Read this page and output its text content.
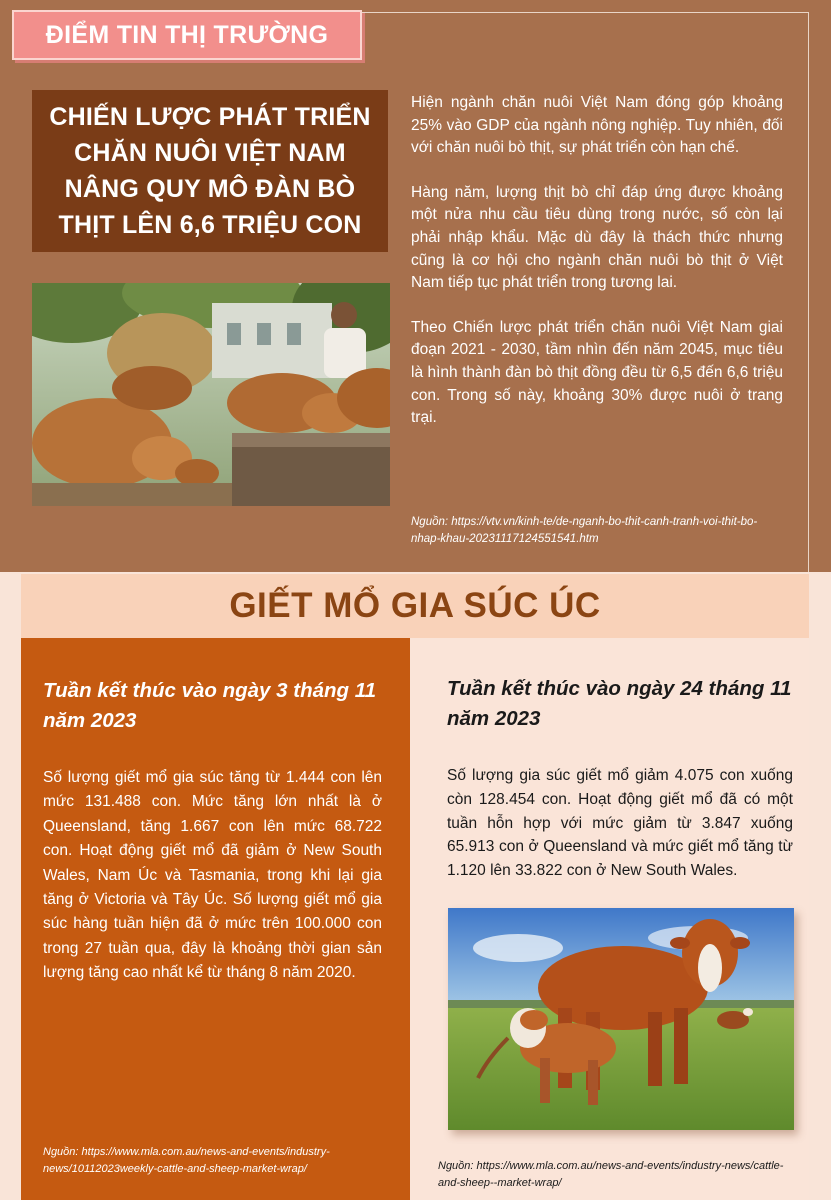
ĐIỂM TIN THỊ TRƯỜNG
CHIẾN LƯỢC PHÁT TRIỂN CHĂN NUÔI VIỆT NAM NÂNG QUY MÔ ĐÀN BÒ THỊT LÊN 6,6 TRIỆU CON

Hiện ngành chăn nuôi Việt Nam đóng góp khoảng 25% vào GDP của ngành nông nghiệp. Tuy nhiên, đối với chăn nuôi bò thịt, sự phát triển còn hạn chế.

Hàng năm, lượng thịt bò chỉ đáp ứng được khoảng một nửa nhu cầu tiêu dùng trong nước, số còn lại phải nhập khẩu. Mặc dù đây là thách thức nhưng cũng là cơ hội cho ngành chăn nuôi bò thịt ở Việt Nam tiếp tục phát triển trong tương lai.

Theo Chiến lược phát triển chăn nuôi Việt Nam giai đoạn 2021 - 2030, tầm nhìn đến năm 2045, mục tiêu là hình thành đàn bò thịt đồng đều từ 6,5 đến 6,6 triệu con. Trong số này, khoảng 30% được nuôi ở trang trại.

Nguồn: https://vtv.vn/kinh-te/de-nganh-bo-thit-canh-tranh-voi-thit-bo-nhap-khau-20231117124551541.htm
GIẾT MỔ GIA SÚC ÚC
Tuần kết thúc vào ngày 3 tháng 11 năm 2023

Số lượng giết mổ gia súc tăng từ 1.444 con lên mức 131.488 con. Mức tăng lớn nhất là ở Queensland, tăng 1.667 con lên mức 68.722 con. Hoạt động giết mổ đã giảm ở New South Wales, Nam Úc và Tasmania, trong khi lại gia tăng ở Victoria và Tây Úc. Số lượng giết mổ gia súc hàng tuần hiện đã ở mức trên 100.000 con trong 27 tuần qua, đây là khoảng thời gian sản lượng tăng cao nhất kể từ tháng 8 năm 2020.

Nguồn: https://www.mla.com.au/news-and-events/industry-news/10112023weekly-cattle-and-sheep-market-wrap/
Tuần kết thúc vào ngày 24 tháng 11 năm 2023

Số lượng gia súc giết mổ giảm 4.075 con xuống còn 128.454 con. Hoạt động giết mổ đã có một tuần hỗn hợp với mức giảm từ 3.847 xuống 65.913 con ở Queensland và mức giết mổ tăng từ 1.120 lên 33.822 con ở New South Wales.

Nguồn: https://www.mla.com.au/news-and-events/industry-news/cattle-and-sheep--market-wrap/
